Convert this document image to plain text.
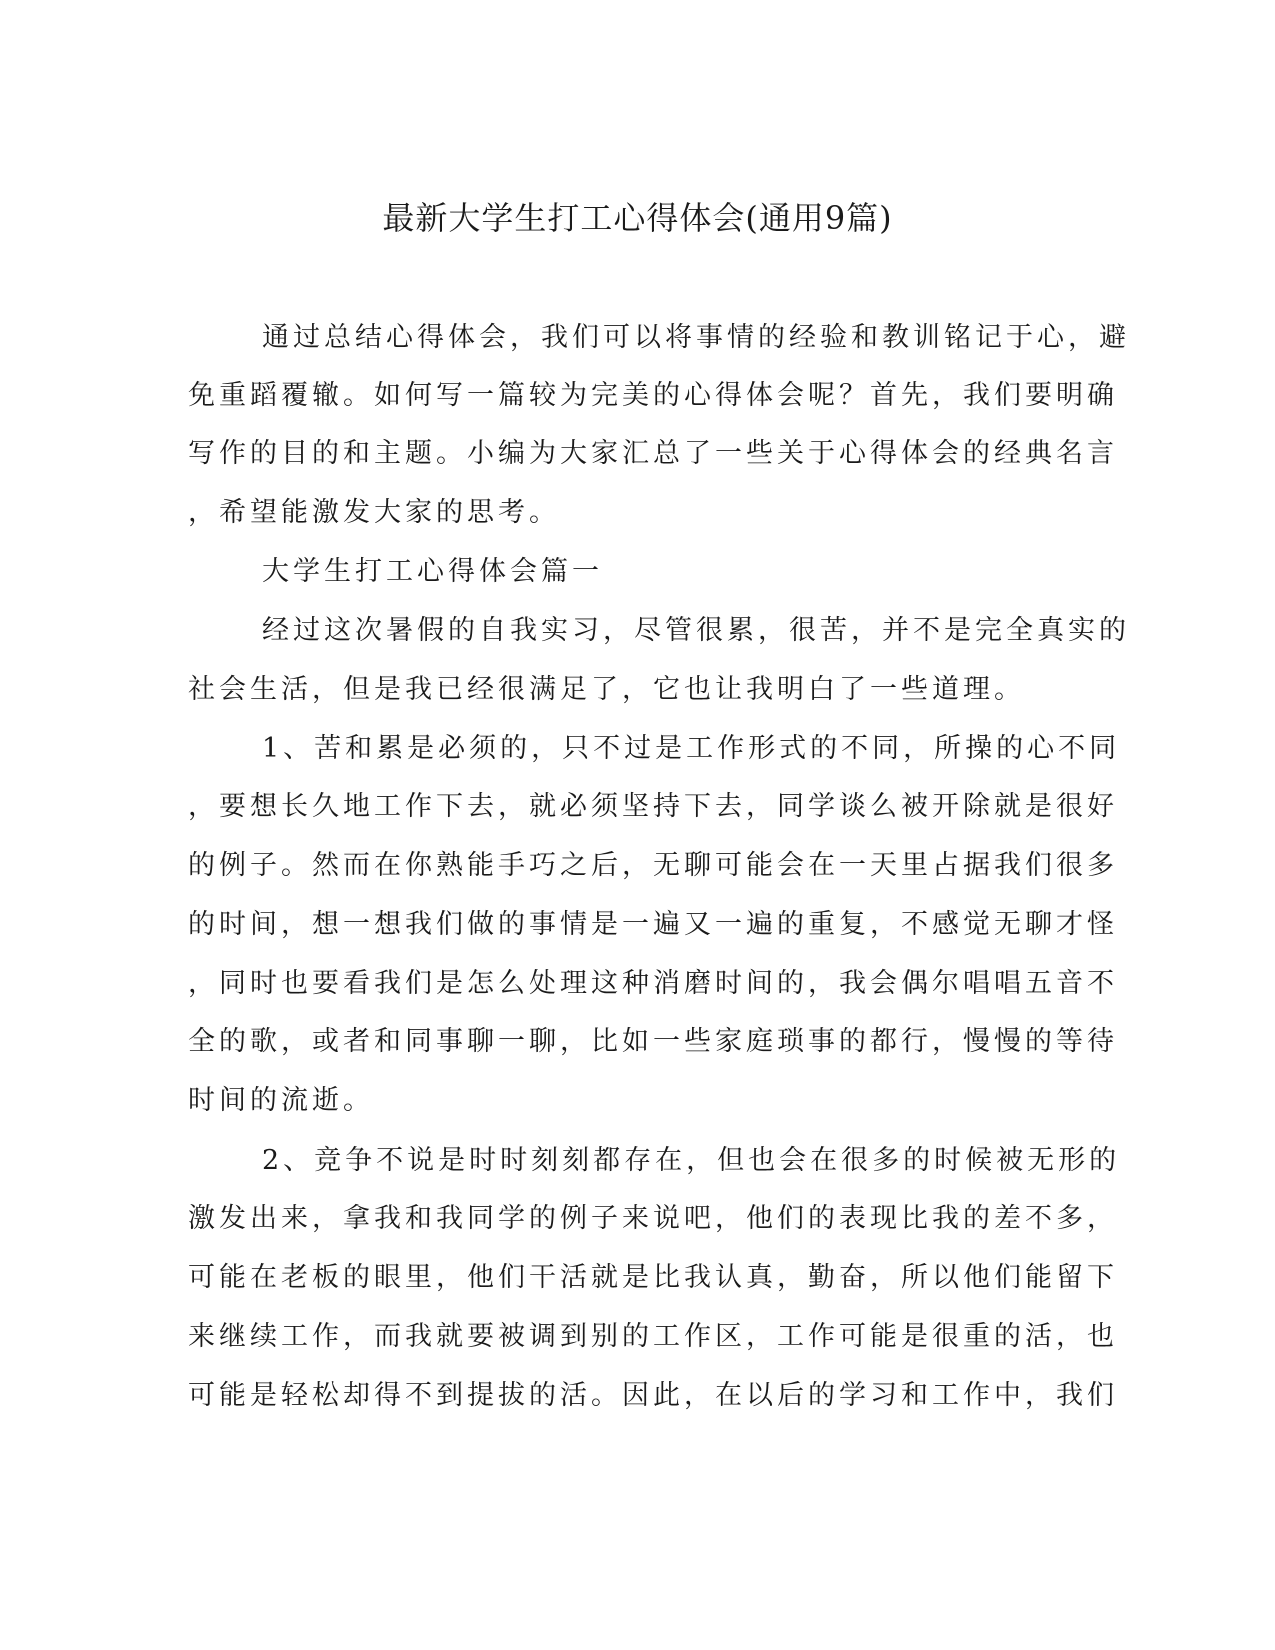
最新大学生打工心得体会(通用9篇)
通过总结心得体会，我们可以将事情的经验和教训铭记于心，避
免重蹈覆辙。如何写一篇较为完美的心得体会呢？首先，我们要明确
写作的目的和主题。小编为大家汇总了一些关于心得体会的经典名言
，希望能激发大家的思考。
大学生打工心得体会篇一
经过这次暑假的自我实习，尽管很累，很苦，并不是完全真实的
社会生活，但是我已经很满足了，它也让我明白了一些道理。
1、苦和累是必须的，只不过是工作形式的不同，所操的心不同
，要想长久地工作下去，就必须坚持下去，同学谈么被开除就是很好
的例子。然而在你熟能手巧之后，无聊可能会在一天里占据我们很多
的时间，想一想我们做的事情是一遍又一遍的重复，不感觉无聊才怪
，同时也要看我们是怎么处理这种消磨时间的，我会偶尔唱唱五音不
全的歌，或者和同事聊一聊，比如一些家庭琐事的都行，慢慢的等待
时间的流逝。
2、竞争不说是时时刻刻都存在，但也会在很多的时候被无形的
激发出来，拿我和我同学的例子来说吧，他们的表现比我的差不多，
可能在老板的眼里，他们干活就是比我认真，勤奋，所以他们能留下
来继续工作，而我就要被调到别的工作区，工作可能是很重的活，也
可能是轻松却得不到提拔的活。因此，在以后的学习和工作中，我们
